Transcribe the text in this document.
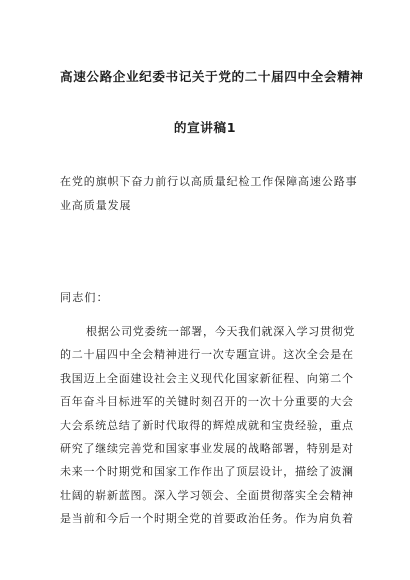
高速公路企业纪委书记关于党的二十届四中全会精神

的宣讲稿1

在党的旗帜下奋力前行以高质量纪检工作保障高速公路事业高质量发展

同志们：

根据公司党委统一部署，今天我们就深入学习贯彻党
的二十届四中全会精神进行一次专题宣讲。这次全会是在
我国迈上全面建设社会主义现代化国家新征程、向第二个
百年奋斗目标进军的关键时刻召开的一次十分重要的大会
大会系统总结了新时代取得的辉煌成就和宝贵经验，重点
研究了继续完善党和国家事业发展的战略部署，特别是对
未来一个时期党和国家工作作出了顶层设计，描绘了波澜
壮阔的崭新蓝图。深入学习领会、全面贯彻落实全会精神
是当前和今后一个时期全党的首要政治任务。作为肩负着
